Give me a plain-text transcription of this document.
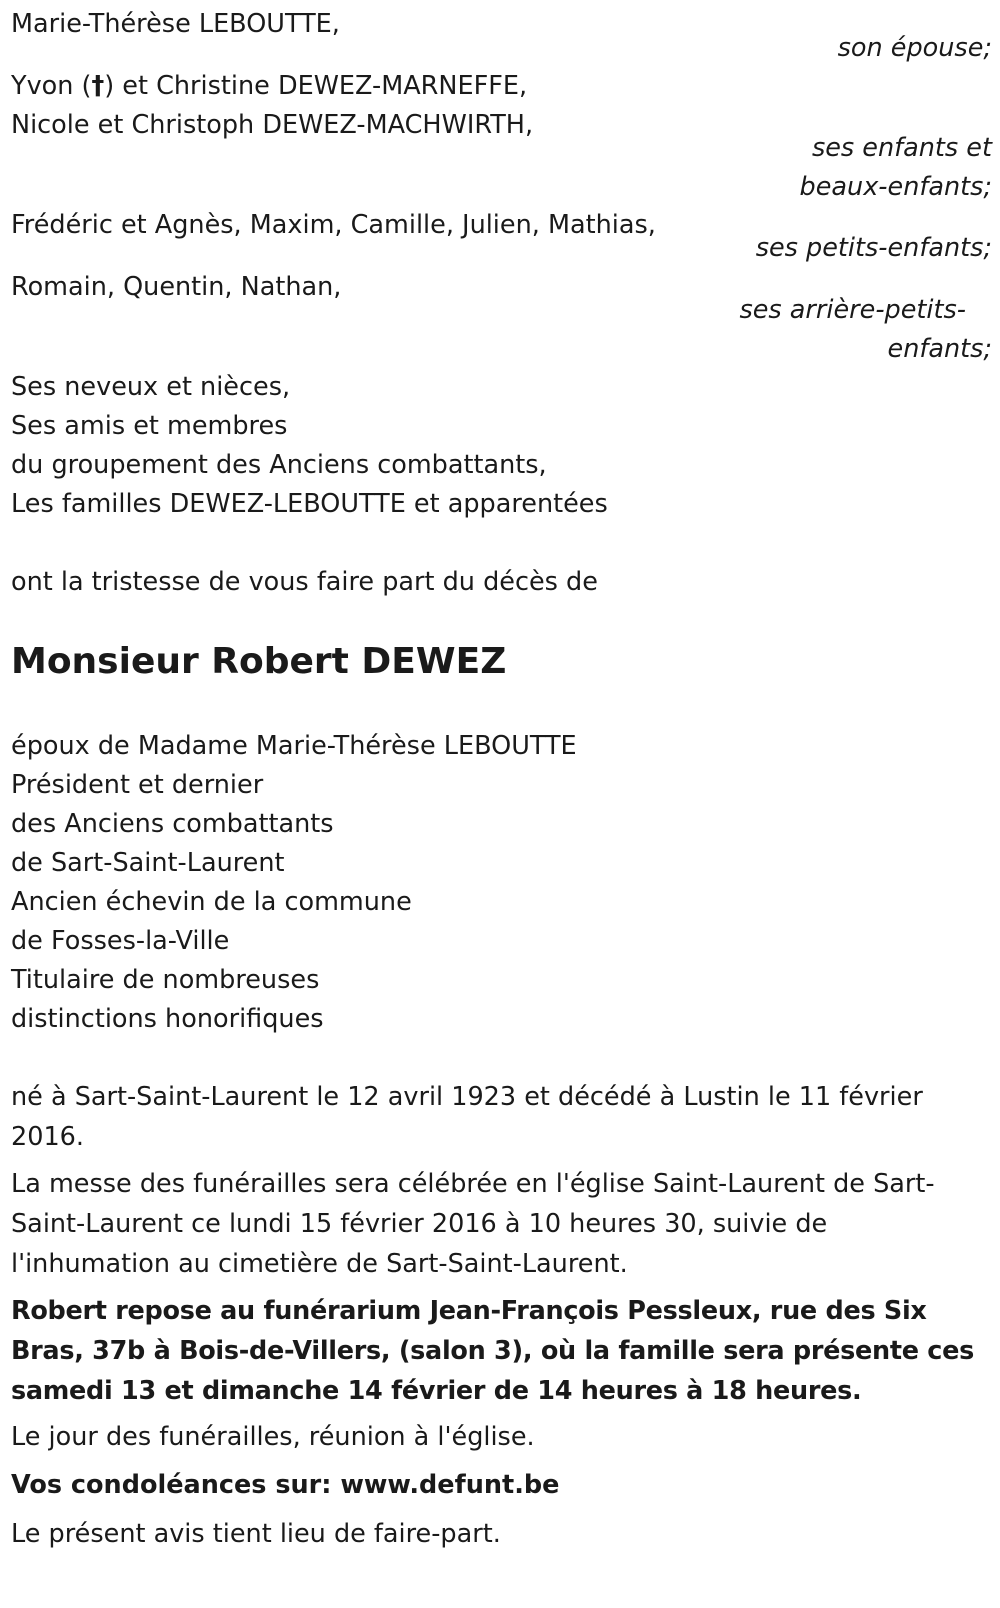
Marie-Thérèse LEBOUTTE,

son épouse;

Yvon (†) et Christine DEWEZ-MARNEFFE,

Nicole et Christoph DEWEZ-MACHWIRTH,

ses enfants et

beaux-enfants;

Frédéric et Agnès, Maxim, Camille, Julien, Mathias,

ses petits-enfants;

Romain, Quentin, Nathan,

ses arrière-petits-

enfants;

Ses neveux et nièces,

Ses amis et membres

du groupement des Anciens combattants,

Les familles DEWEZ-LEBOUTTE et apparentées

ont la tristesse de vous faire part du décès de

Monsieur Robert DEWEZ

époux de Madame Marie-Thérèse LEBOUTTE

Président et dernier

des Anciens combattants

de Sart-Saint-Laurent

Ancien échevin de la commune

de Fosses-la-Ville

Titulaire de nombreuses

distinctions honorifiques

né à Sart-Saint-Laurent le 12 avril 1923 et décédé à Lustin le 11 février 2016.

La messe des funérailles sera célébrée en l'église Saint-Laurent de Sart-Saint-Laurent ce lundi 15 février 2016 à 10 heures 30, suivie de l'inhumation au cimetière de Sart-Saint-Laurent.

Robert repose au funérarium Jean-François Pessleux, rue des Six Bras, 37b à Bois-de-Villers, (salon 3), où la famille sera présente ces samedi 13 et dimanche 14 février de 14 heures à 18 heures.

Le jour des funérailles, réunion à l'église.

Vos condoléances sur: www.defunt.be

Le présent avis tient lieu de faire-part.
